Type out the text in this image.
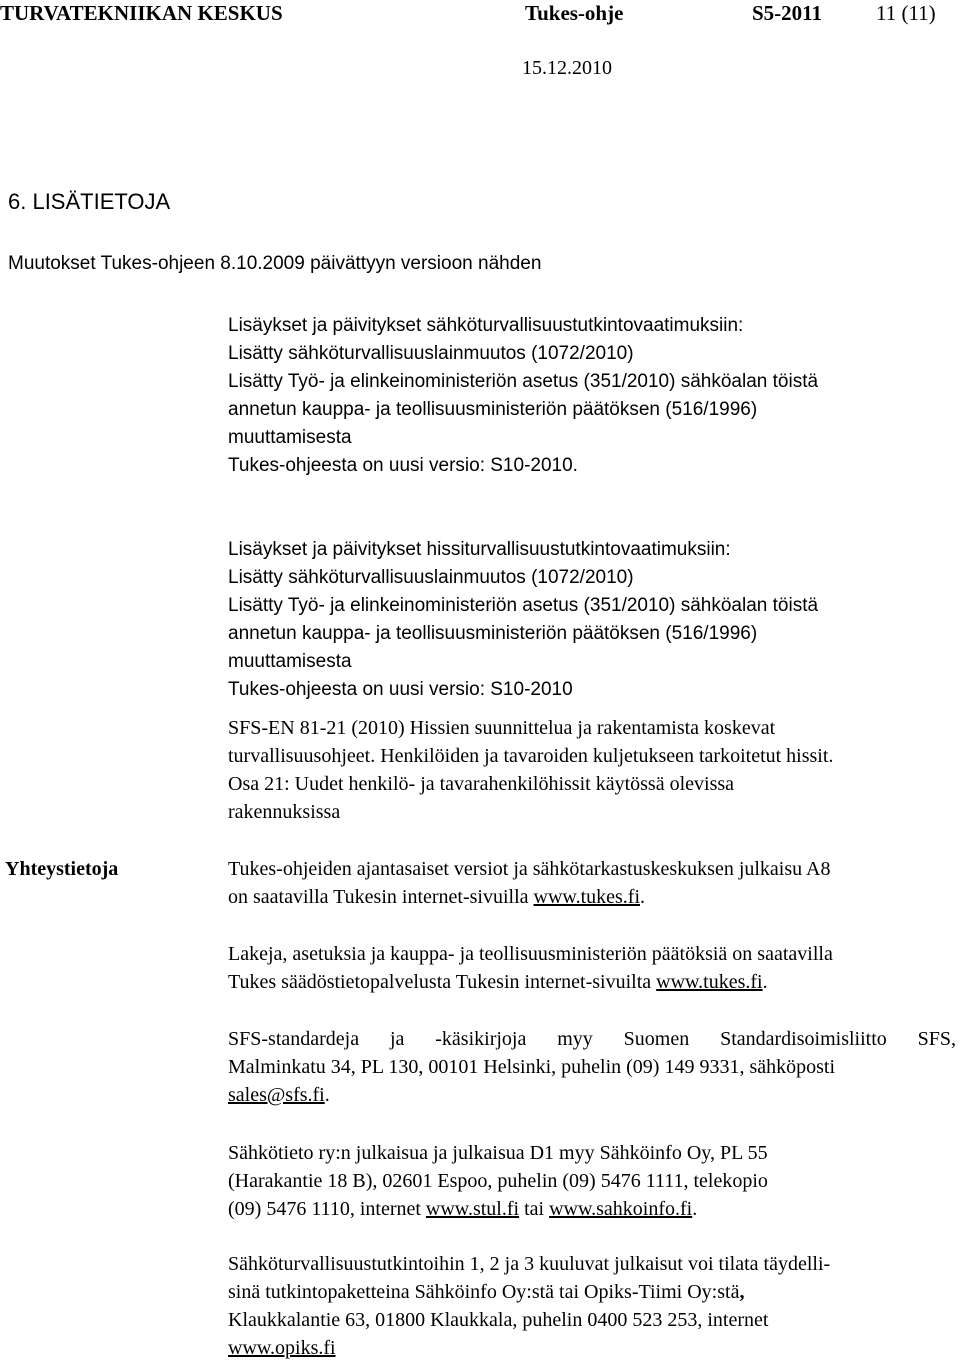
TURVATEKNIIKAN KESKUS	Tukes-ohje	S5-2011	11 (11)
15.12.2010
6. LISÄTIETOJA
Muutokset Tukes-ohjeen 8.10.2009 päivättyyn versioon nähden
Lisäykset ja päivitykset sähköturvallisuustutkintovaatimuksiin:
Lisätty sähköturvallisuuslainmuutos (1072/2010)
Lisätty Työ- ja elinkeinoministeriön asetus (351/2010) sähköalan töistä
annetun kauppa- ja teollisuusministeriön päätöksen (516/1996)
muuttamisesta
Tukes-ohjeesta on uusi versio: S10-2010.
Lisäykset ja päivitykset hissiturvallisuustutkintovaatimuksiin:
Lisätty sähköturvallisuuslainmuutos (1072/2010)
Lisätty Työ- ja elinkeinoministeriön asetus (351/2010) sähköalan töistä
annetun kauppa- ja teollisuusministeriön päätöksen (516/1996)
muuttamisesta
Tukes-ohjeesta on uusi versio: S10-2010
SFS-EN 81-21 (2010) Hissien suunnittelua ja rakentamista koskevat
turvallisuusohjeet. Henkilöiden ja tavaroiden kuljetukseen tarkoitetut hissit.
Osa 21: Uudet henkilö- ja tavarahenkilöhissit käytössä olevissa
rakennuksissa
Yhteystietoja	Tukes-ohjeiden ajantasaiset versiot ja sähkötarkastuskeskuksen julkaisu A8
on saatavilla Tukesin internet-sivuilla www.tukes.fi.
Lakeja, asetuksia ja kauppa- ja teollisuusministeriön päätöksiä on saatavilla
Tukes säädöstietopalvelusta Tukesin internet-sivuilta www.tukes.fi.
SFS-standardeja ja -käsikirjoja myy Suomen Standardisoimisliitto SFS,
Malminkatu 34, PL 130, 00101 Helsinki, puhelin (09) 149 9331, sähköposti
sales@sfs.fi.
Sähkötieto ry:n julkaisua ja julkaisua D1 myy Sähköinfo Oy, PL 55
(Harakantie 18 B), 02601 Espoo, puhelin (09) 5476 1111, telekopio
(09) 5476 1110, internet www.stul.fi tai www.sahkoinfo.fi.
Sähköturvallisuustutkintoihin 1, 2 ja 3 kuuluvat julkaisut voi tilata täydelli-
sinä tutkintopaketteina Sähköinfo Oy:stä tai Opiks-Tiimi Oy:stä,
Klaukkalantie 63, 01800 Klaukkala, puhelin 0400 523 253, internet
www.opiks.fi
